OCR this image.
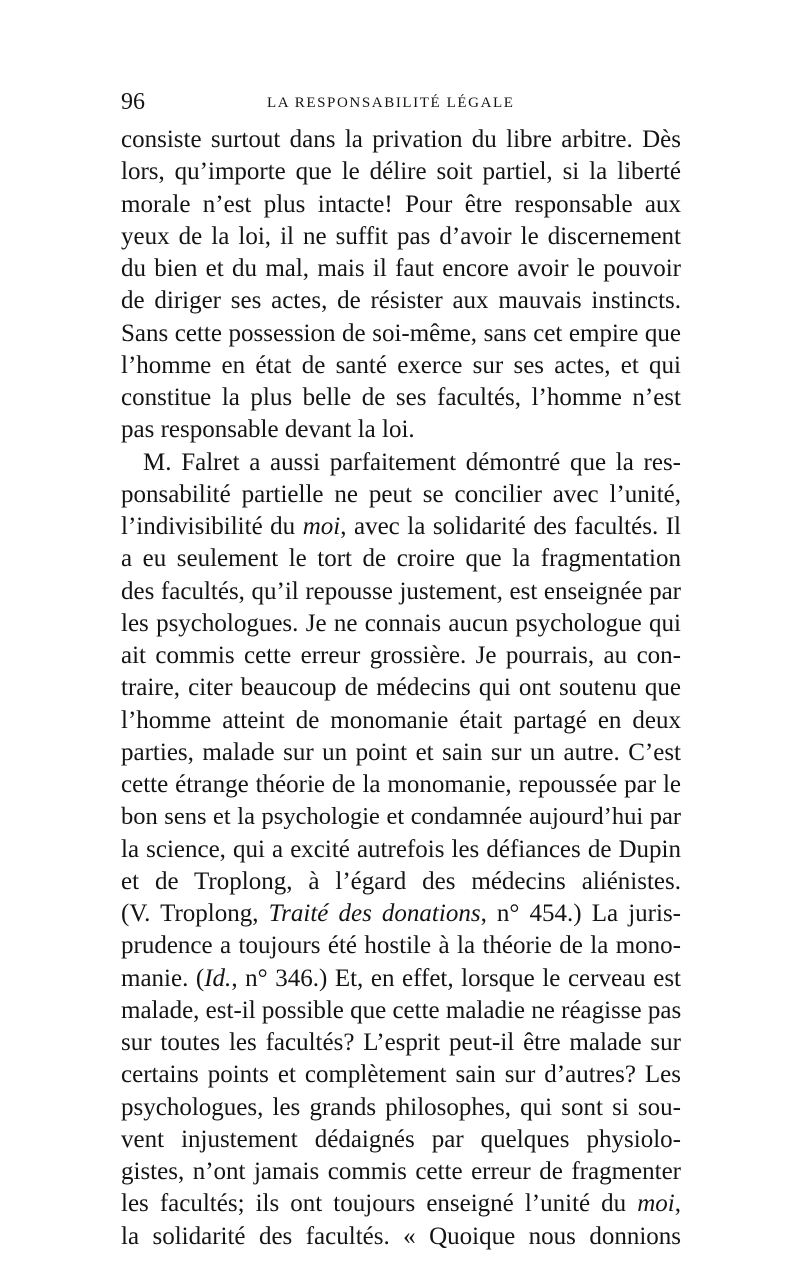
96	LA RESPONSABILITÉ LÉGALE
consiste surtout dans la privation du libre arbitre. Dès
lors, qu’importe que le délire soit partiel, si la liberté
morale n’est plus intacte! Pour être responsable aux
yeux de la loi, il ne suffit pas d’avoir le discernement
du bien et du mal, mais il faut encore avoir le pouvoir
de diriger ses actes, de résister aux mauvais instincts.
Sans cette possession de soi-même, sans cet empire que
l’homme en état de santé exerce sur ses actes, et qui
constitue la plus belle de ses facultés, l’homme n’est
pas responsable devant la loi.
M. Falret a aussi parfaitement démontré que la res-
ponsabilité partielle ne peut se concilier avec l’unité,
l’indivisibilité du moi, avec la solidarité des facultés. Il
a eu seulement le tort de croire que la fragmentation
des facultés, qu’il repousse justement, est enseignée par
les psychologues. Je ne connais aucun psychologue qui
ait commis cette erreur grossière. Je pourrais, au con-
traire, citer beaucoup de médecins qui ont soutenu que
l’homme atteint de monomanie était partagé en deux
parties, malade sur un point et sain sur un autre. C’est
cette étrange théorie de la monomanie, repoussée par le
bon sens et la psychologie et condamnée aujourd’hui par
la science, qui a excité autrefois les défiances de Dupin
et de Troplong, à l’égard des médecins aliénistes.
(V. Troplong, Traité des donations, n° 454.) La juris-
prudence a toujours été hostile à la théorie de la mono-
manie. (Id., n° 346.) Et, en effet, lorsque le cerveau est
malade, est-il possible que cette maladie ne réagisse pas
sur toutes les facultés? L’esprit peut-il être malade sur
certains points et complètement sain sur d’autres? Les
psychologues, les grands philosophes, qui sont si sou-
vent injustement dédaignés par quelques physiolo-
gistes, n’ont jamais commis cette erreur de fragmenter
les facultés; ils ont toujours enseigné l’unité du moi,
la solidarité des facultés. « Quoique nous donnions
